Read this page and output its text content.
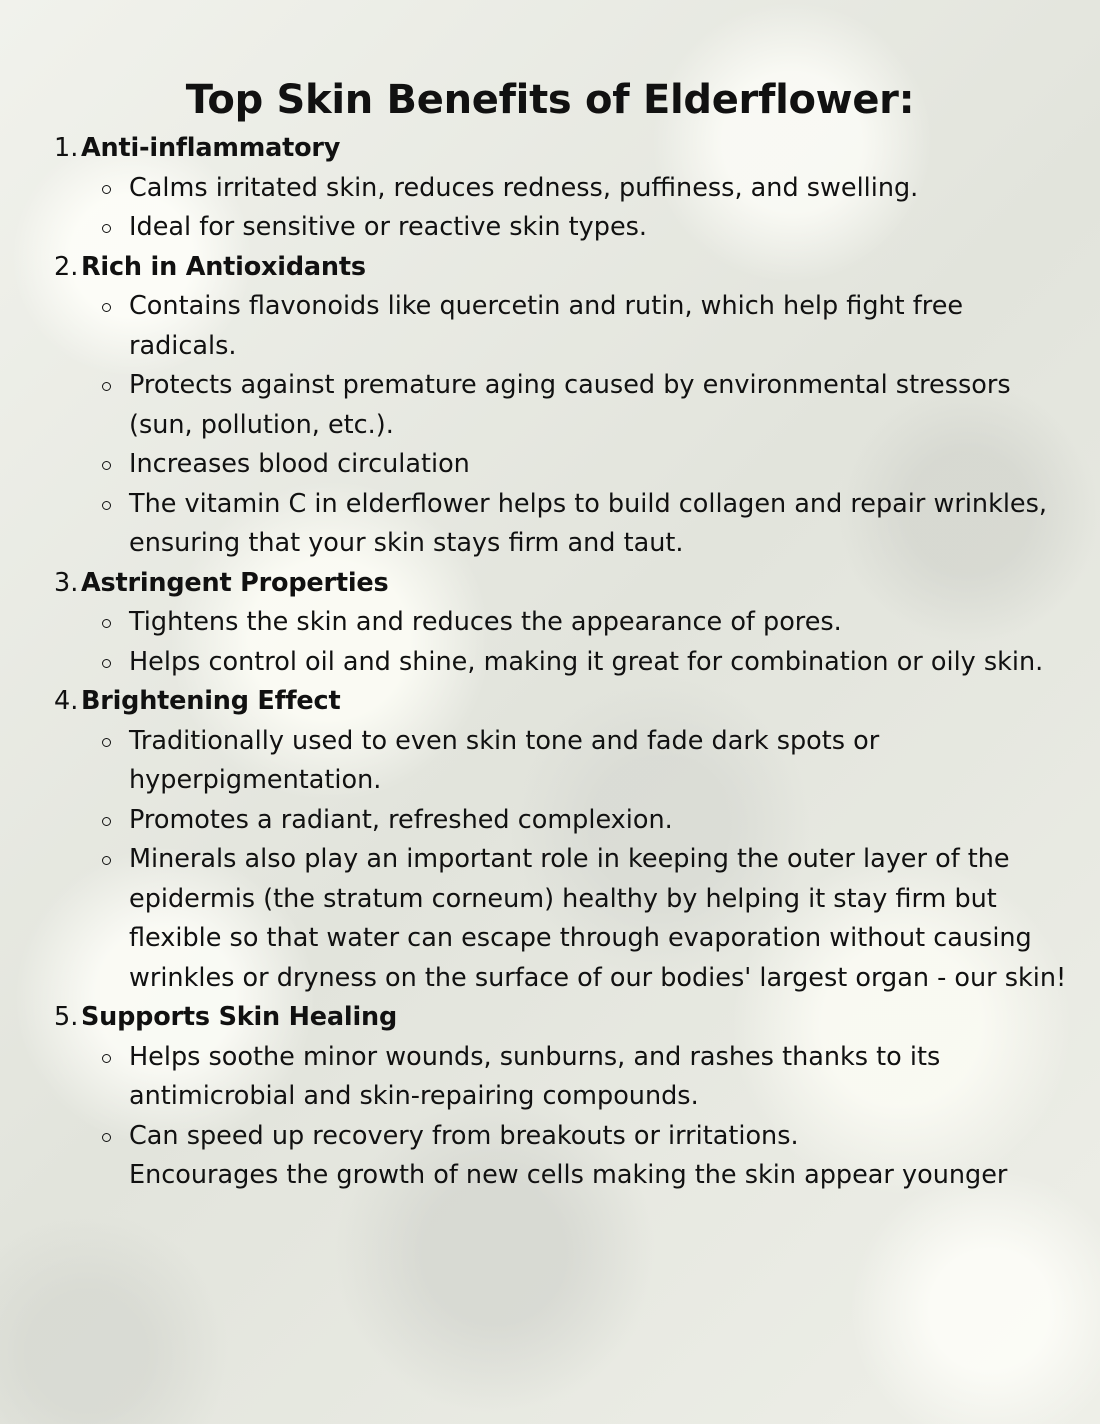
Top Skin Benefits of Elderflower:
1. Anti-inflammatory
Calms irritated skin, reduces redness, puffiness, and swelling.
Ideal for sensitive or reactive skin types.
2. Rich in Antioxidants
Contains flavonoids like quercetin and rutin, which help fight free radicals.
Protects against premature aging caused by environmental stressors (sun, pollution, etc.).
Increases blood circulation
The vitamin C in elderflower helps to build collagen and repair wrinkles, ensuring that your skin stays firm and taut.
3. Astringent Properties
Tightens the skin and reduces the appearance of pores.
Helps control oil and shine, making it great for combination or oily skin.
4. Brightening Effect
Traditionally used to even skin tone and fade dark spots or hyperpigmentation.
Promotes a radiant, refreshed complexion.
Minerals also play an important role in keeping the outer layer of the epidermis (the stratum corneum) healthy by helping it stay firm but flexible so that water can escape through evaporation without causing wrinkles or dryness on the surface of our bodies' largest organ - our skin!
5. Supports Skin Healing
Helps soothe minor wounds, sunburns, and rashes thanks to its antimicrobial and skin-repairing compounds.
Can speed up recovery from breakouts or irritations.
Encourages the growth of new cells making the skin appear younger
